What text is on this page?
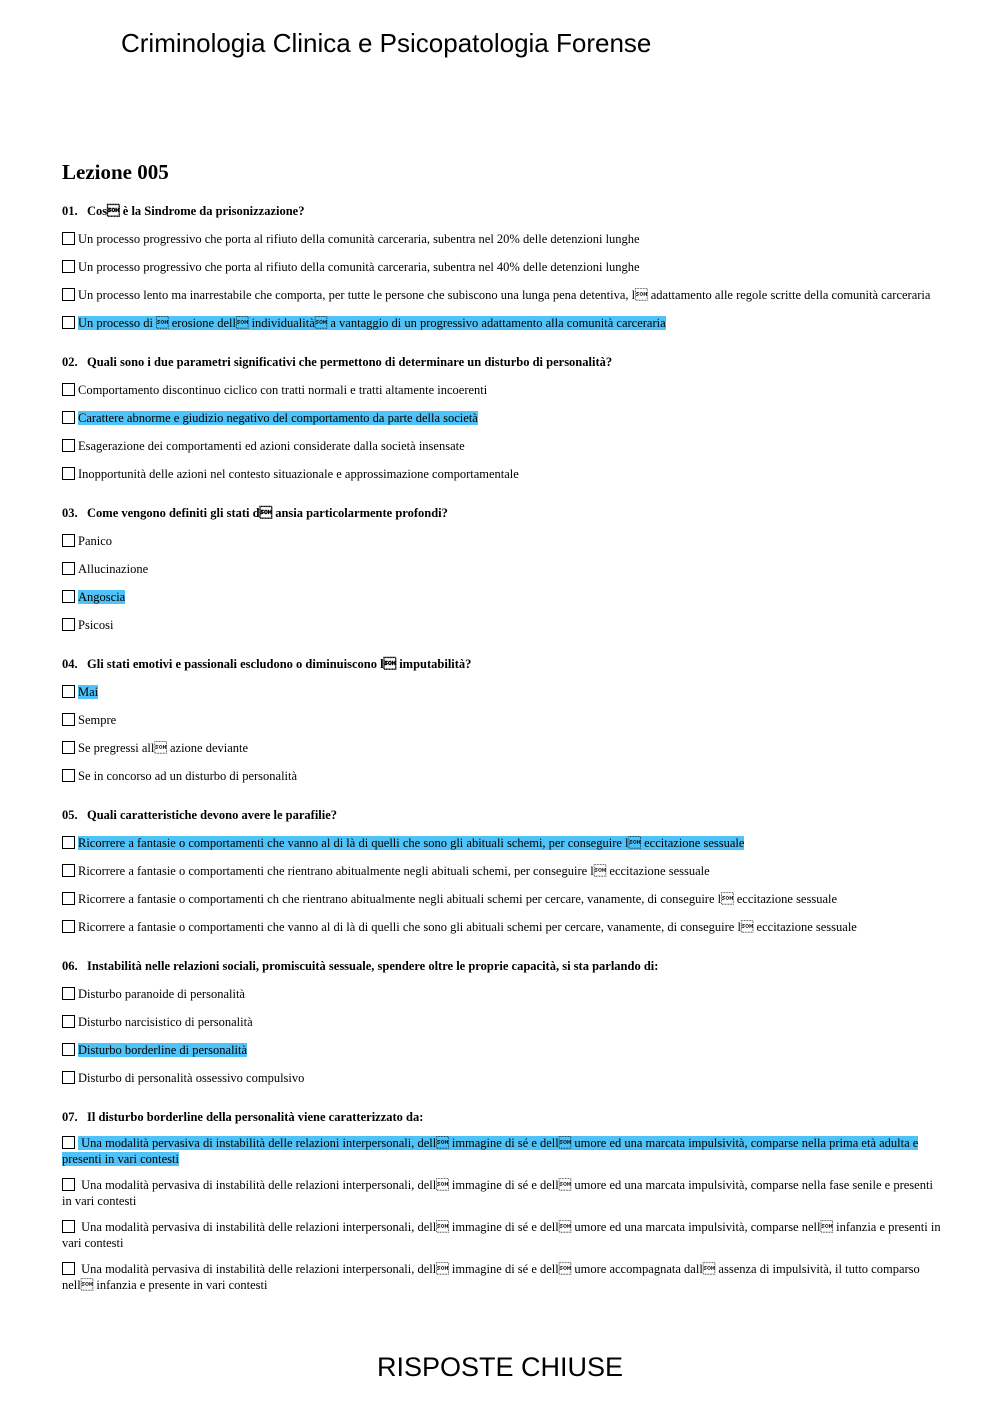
Criminologia Clinica e Psicopatologia Forense
Lezione 005
01. Cos è la Sindrome da prisonizzazione?
Un processo progressivo che porta al rifiuto della comunità carceraria, subentra nel 20% delle detenzioni lunghe
Un processo progressivo che porta al rifiuto della comunità carceraria, subentra nel 40% delle detenzioni lunghe
Un processo lento ma inarrestabile che comporta, per tutte le persone che subiscono una lunga pena detentiva, l adattamento alle regole scritte della comunità carceraria
Un processo di  erosione dell individualità a vantaggio di un progressivo adattamento alla comunità carceraria
02. Quali sono i due parametri significativi che permettono di determinare un disturbo di personalità?
Comportamento discontinuo ciclico con tratti normali e tratti altamente incoerenti
Carattere abnorme e giudizio negativo del comportamento da parte della società
Esagerazione dei comportamenti ed azioni considerate dalla società insensate
Inopportunità delle azioni nel contesto situazionale e approssimazione comportamentale
03. Come vengono definiti gli stati d ansia particolarmente profondi?
Panico
Allucinazione
Angoscia
Psicosi
04. Gli stati emotivi e passionali escludono o diminuiscono l imputabilità?
Mai
Sempre
Se pregressi all azione deviante
Se in concorso ad un disturbo di personalità
05. Quali caratteristiche devono avere le parafilie?
Ricorrere a fantasie o comportamenti che vanno al di là di quelli che sono gli abituali schemi, per conseguire l eccitazione sessuale
Ricorrere a fantasie o comportamenti che rientrano abitualmente negli abituali schemi, per conseguire l eccitazione sessuale
Ricorrere a fantasie o comportamenti ch che rientrano abitualmente negli abituali schemi per cercare, vanamente, di conseguire l eccitazione sessuale
Ricorrere a fantasie o comportamenti che vanno al di là di quelli che sono gli abituali schemi per cercare, vanamente, di conseguire l eccitazione sessuale
06. Instabilità nelle relazioni sociali, promiscuità sessuale, spendere oltre le proprie capacità, si sta parlando di:
Disturbo paranoide di personalità
Disturbo narcisistico di personalità
Disturbo borderline di personalità
Disturbo di personalità ossessivo compulsivo
07. Il disturbo borderline della personalità viene caratterizzato da:
Una modalità pervasiva di instabilità delle relazioni interpersonali, dell immagine di sé e dell umore ed una marcata impulsività, comparse nella prima età adulta e presenti in vari contesti
Una modalità pervasiva di instabilità delle relazioni interpersonali, dell immagine di sé e dell umore ed una marcata impulsività, comparse nella fase senile e presenti in vari contesti
Una modalità pervasiva di instabilità delle relazioni interpersonali, dell immagine di sé e dell umore ed una marcata impulsività, comparse nell infanzia e presenti in vari contesti
Una modalità pervasiva di instabilità delle relazioni interpersonali, dell immagine di sé e dell umore accompagnata dall assenza di impulsività, il tutto comparso nell infanzia e presente in vari contesti
RISPOSTE CHIUSE
